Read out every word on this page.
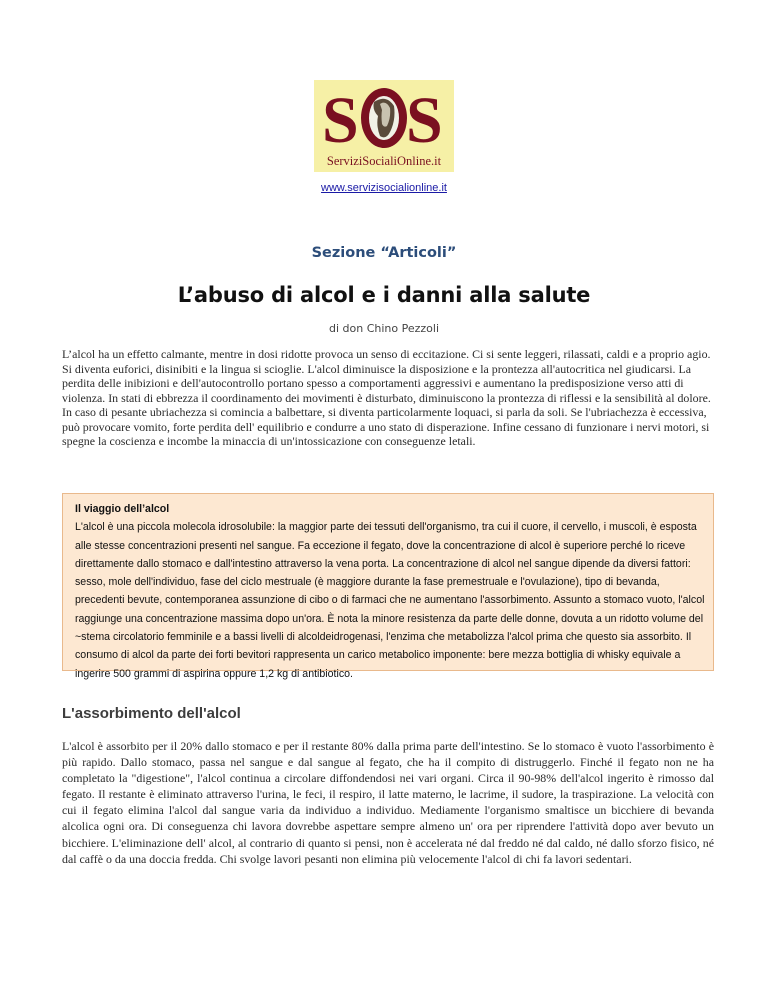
S S
ServiziSocialiOnline.it
www.servizisocialionline.it
Sezione “Articoli”
L’abuso di alcol e i danni alla salute
di don Chino Pezzoli

L’alcol ha un effetto calmante, mentre in dosi ridotte provoca un senso di eccitazione. Ci si sente leggeri, rilassati, caldi e a proprio agio. Si diventa euforici, disinibiti e la lingua si scioglie. L'alcol diminuisce la disposizione e la prontezza all'autocritica nel giudicarsi. La perdita delle inibizioni e dell'autocontrollo portano spesso a comportamenti aggressivi e aumentano la predisposizione verso atti di violenza. In stati di ebbrezza il coordinamento dei movimenti è disturbato, diminuiscono la prontezza di riflessi e la sensibilità al dolore. In caso di pesante ubriachezza si comincia a balbettare, si diventa particolarmente loquaci, si parla da soli. Se l'ubriachezza è eccessiva, può provocare vomito, forte perdita dell' equilibrio e condurre a uno stato di disperazione. Infine cessano di funzionare i nervi motori, si spegne la coscienza e incombe la minaccia di un'intossicazione con conseguenze letali.

Il viaggio dell’alcol

L'alcol è una piccola molecola idrosolubile: la maggior parte dei tessuti dell'organismo, tra cui il cuore, il cervello, i muscoli, è esposta alle stesse concentrazioni presenti nel sangue. Fa eccezione il fegato, dove la concentrazione di alcol è superiore perché lo riceve direttamente dallo stomaco e dall'intestino attraverso la vena porta. La concentrazione di alcol nel sangue dipende da diversi fattori: sesso, mole dell'individuo, fase del ciclo mestruale (è maggiore durante la fase premestruale e l'ovulazione), tipo di bevanda, precedenti bevute, contemporanea assunzione di cibo o di farmaci che ne aumentano l'assorbimento. Assunto a stomaco vuoto, l'alcol raggiunge una concentrazione massima dopo un'ora. È nota la minore resistenza da parte delle donne, dovuta a un ridotto volume del ~stema circolatorio femminile e a bassi livelli di alcoldeidrogenasi, l'enzima che metabolizza l'alcol prima che questo sia assorbito. Il consumo di alcol da parte dei forti bevitori rappresenta un carico metabolico imponente: bere mezza bottiglia di whisky equivale a ingerire 500 grammi di aspirina oppure 1,2 kg di antibiotico.

L'assorbimento dell'alcol

L'alcol è assorbito per il 20% dallo stomaco e per il restante 80% dalla prima parte dell'intestino. Se lo stomaco è vuoto l'assorbimento è più rapido. Dallo stomaco, passa nel sangue e dal sangue al fegato, che ha il compito di distruggerlo. Finché il fegato non ne ha completato la "digestione", l'alcol continua a circolare diffondendosi nei vari organi. Circa il 90-98% dell'alcol ingerito è rimosso dal fegato. Il restante è eliminato attraverso l'urina, le feci, il respiro, il latte materno, le lacrime, il sudore, la traspirazione. La velocità con cui il fegato elimina l'alcol dal sangue varia da individuo a individuo. Mediamente l'organismo smaltisce un bicchiere di bevanda alcolica ogni ora. Di conseguenza chi lavora dovrebbe aspettare sempre almeno un' ora per riprendere l'attività dopo aver bevuto un bicchiere. L'eliminazione dell' alcol, al contrario di quanto si pensi, non è accelerata né dal freddo né dal caldo, né dallo sforzo fisico, né dal caffè o da una doccia fredda. Chi svolge lavori pesanti non elimina più velocemente l'alcol di chi fa lavori sedentari.
